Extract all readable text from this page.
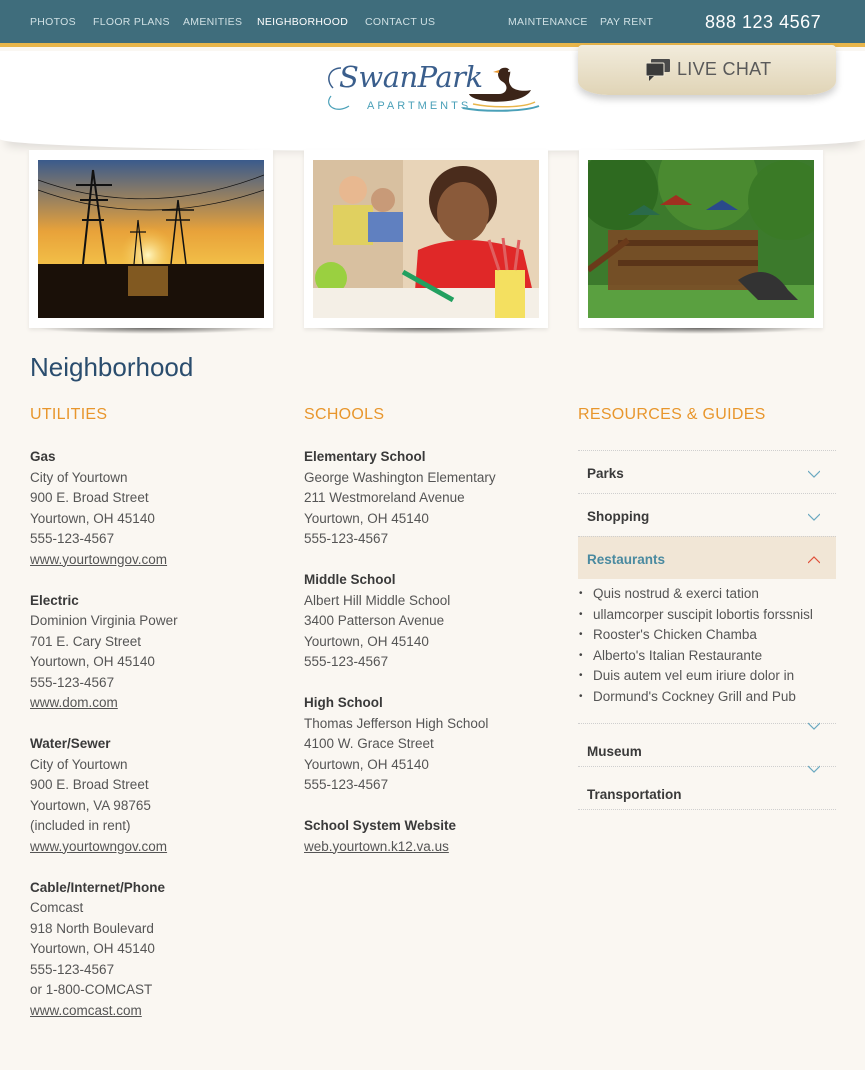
PHOTOS FLOOR PLANS AMENITIES NEIGHBORHOOD CONTACT US	MAINTENANCE PAY RENT	888 123 4567
SwanPark
APARTMENTS
LIVE CHAT
Neighborhood
UTILITIES	SCHOOLS	RESOURCES & GUIDES
Gas
City of Yourtown
900 E. Broad Street
Yourtown, OH 45140
555-123-4567
www.yourtowngov.com
Electric
Dominion Virginia Power
701 E. Cary Street
Yourtown, OH 45140
555-123-4567
www.dom.com
Water/Sewer
City of Yourtown
900 E. Broad Street
Yourtown, VA 98765
(included in rent)
www.yourtowngov.com
Cable/Internet/Phone
Comcast
918 North Boulevard
Yourtown, OH 45140
555-123-4567
or 1-800-COMCAST
www.comcast.com
Elementary School
George Washington Elementary
211 Westmoreland Avenue
Yourtown, OH 45140
555-123-4567
Middle School
Albert Hill Middle School
3400 Patterson Avenue
Yourtown, OH 45140
555-123-4567
High School
Thomas Jefferson High School
4100 W. Grace Street
Yourtown, OH 45140
555-123-4567
School System Website
web.yourtown.k12.va.us
Parks
Shopping
Restaurants
• Quis nostrud & exerci tation
• ullamcorper suscipit lobortis forssnisl
• Rooster's Chicken Chamba
• Alberto's Italian Restaurante
• Duis autem vel eum iriure dolor in
• Dormund's Cockney Grill and Pub
Museum
Transportation
